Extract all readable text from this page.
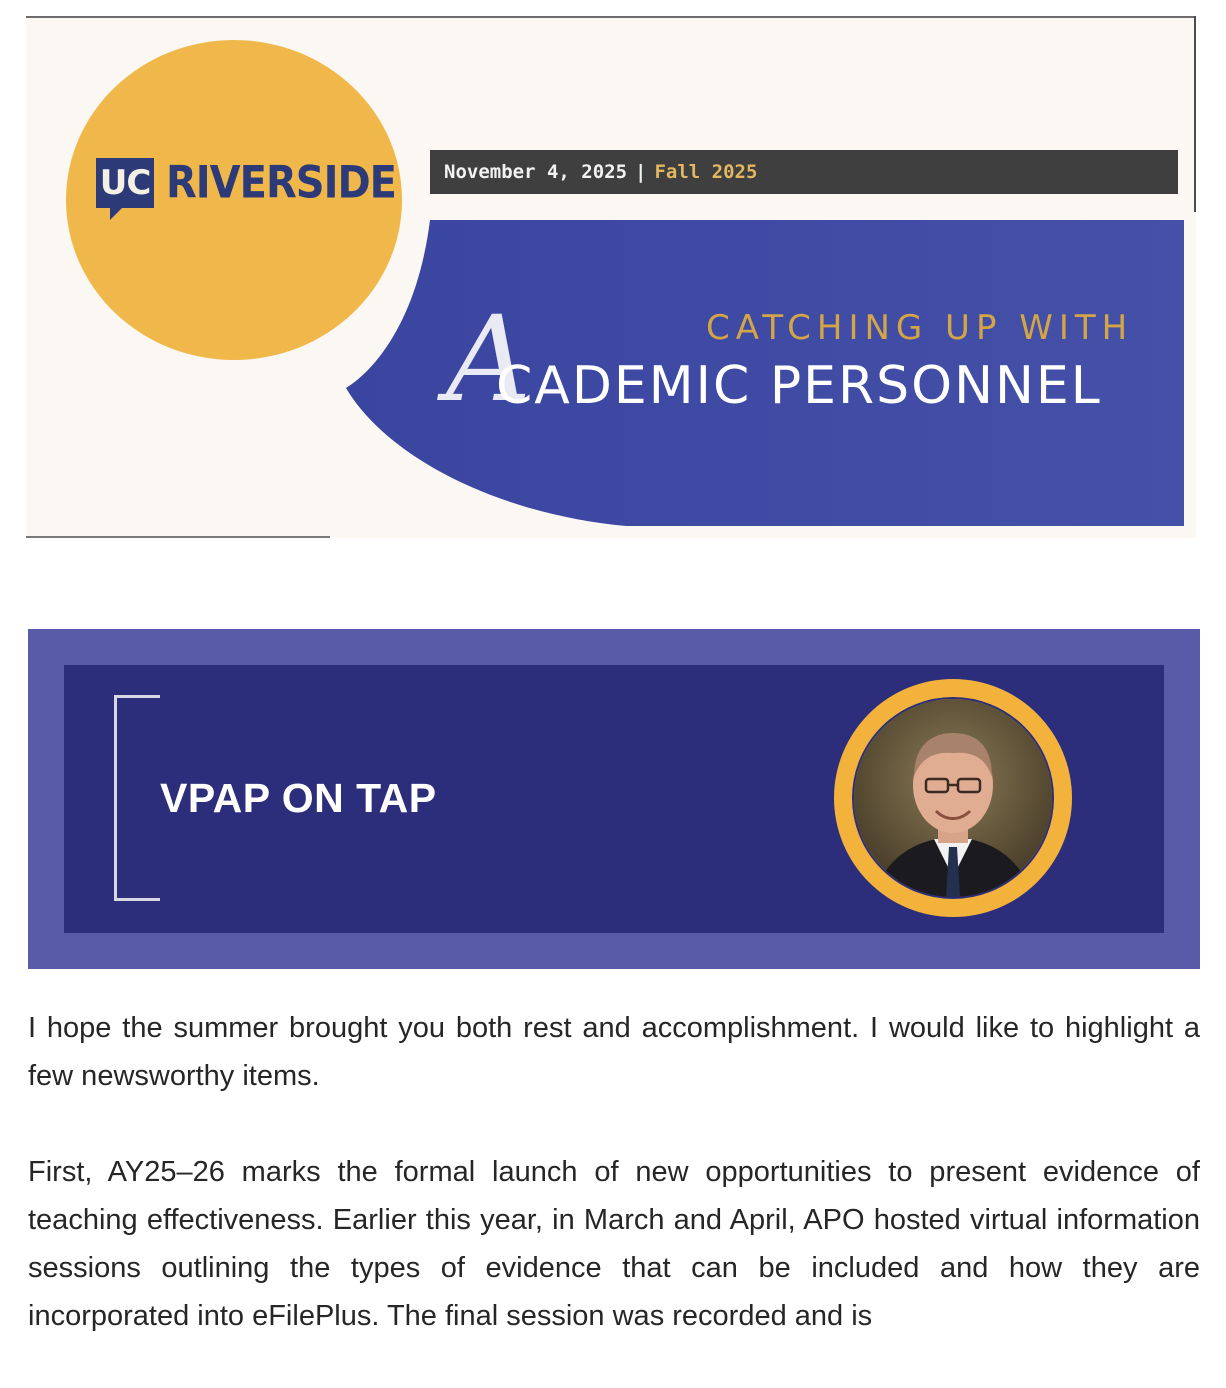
UC RIVERSIDE	November 4, 2025 | Fall 2025
A	CATCHING UP WITH
CADEMIC PERSONNEL
VPAP ON TAP

I hope the summer brought you both rest and accomplishment. I would like to highlight a few newsworthy items.

First, AY25–26 marks the formal launch of new opportunities to present evidence of teaching effectiveness. Earlier this year, in March and April, APO hosted virtual information sessions outlining the types of evidence that can be included and how they are incorporated into eFilePlus. The final session was recorded and is
